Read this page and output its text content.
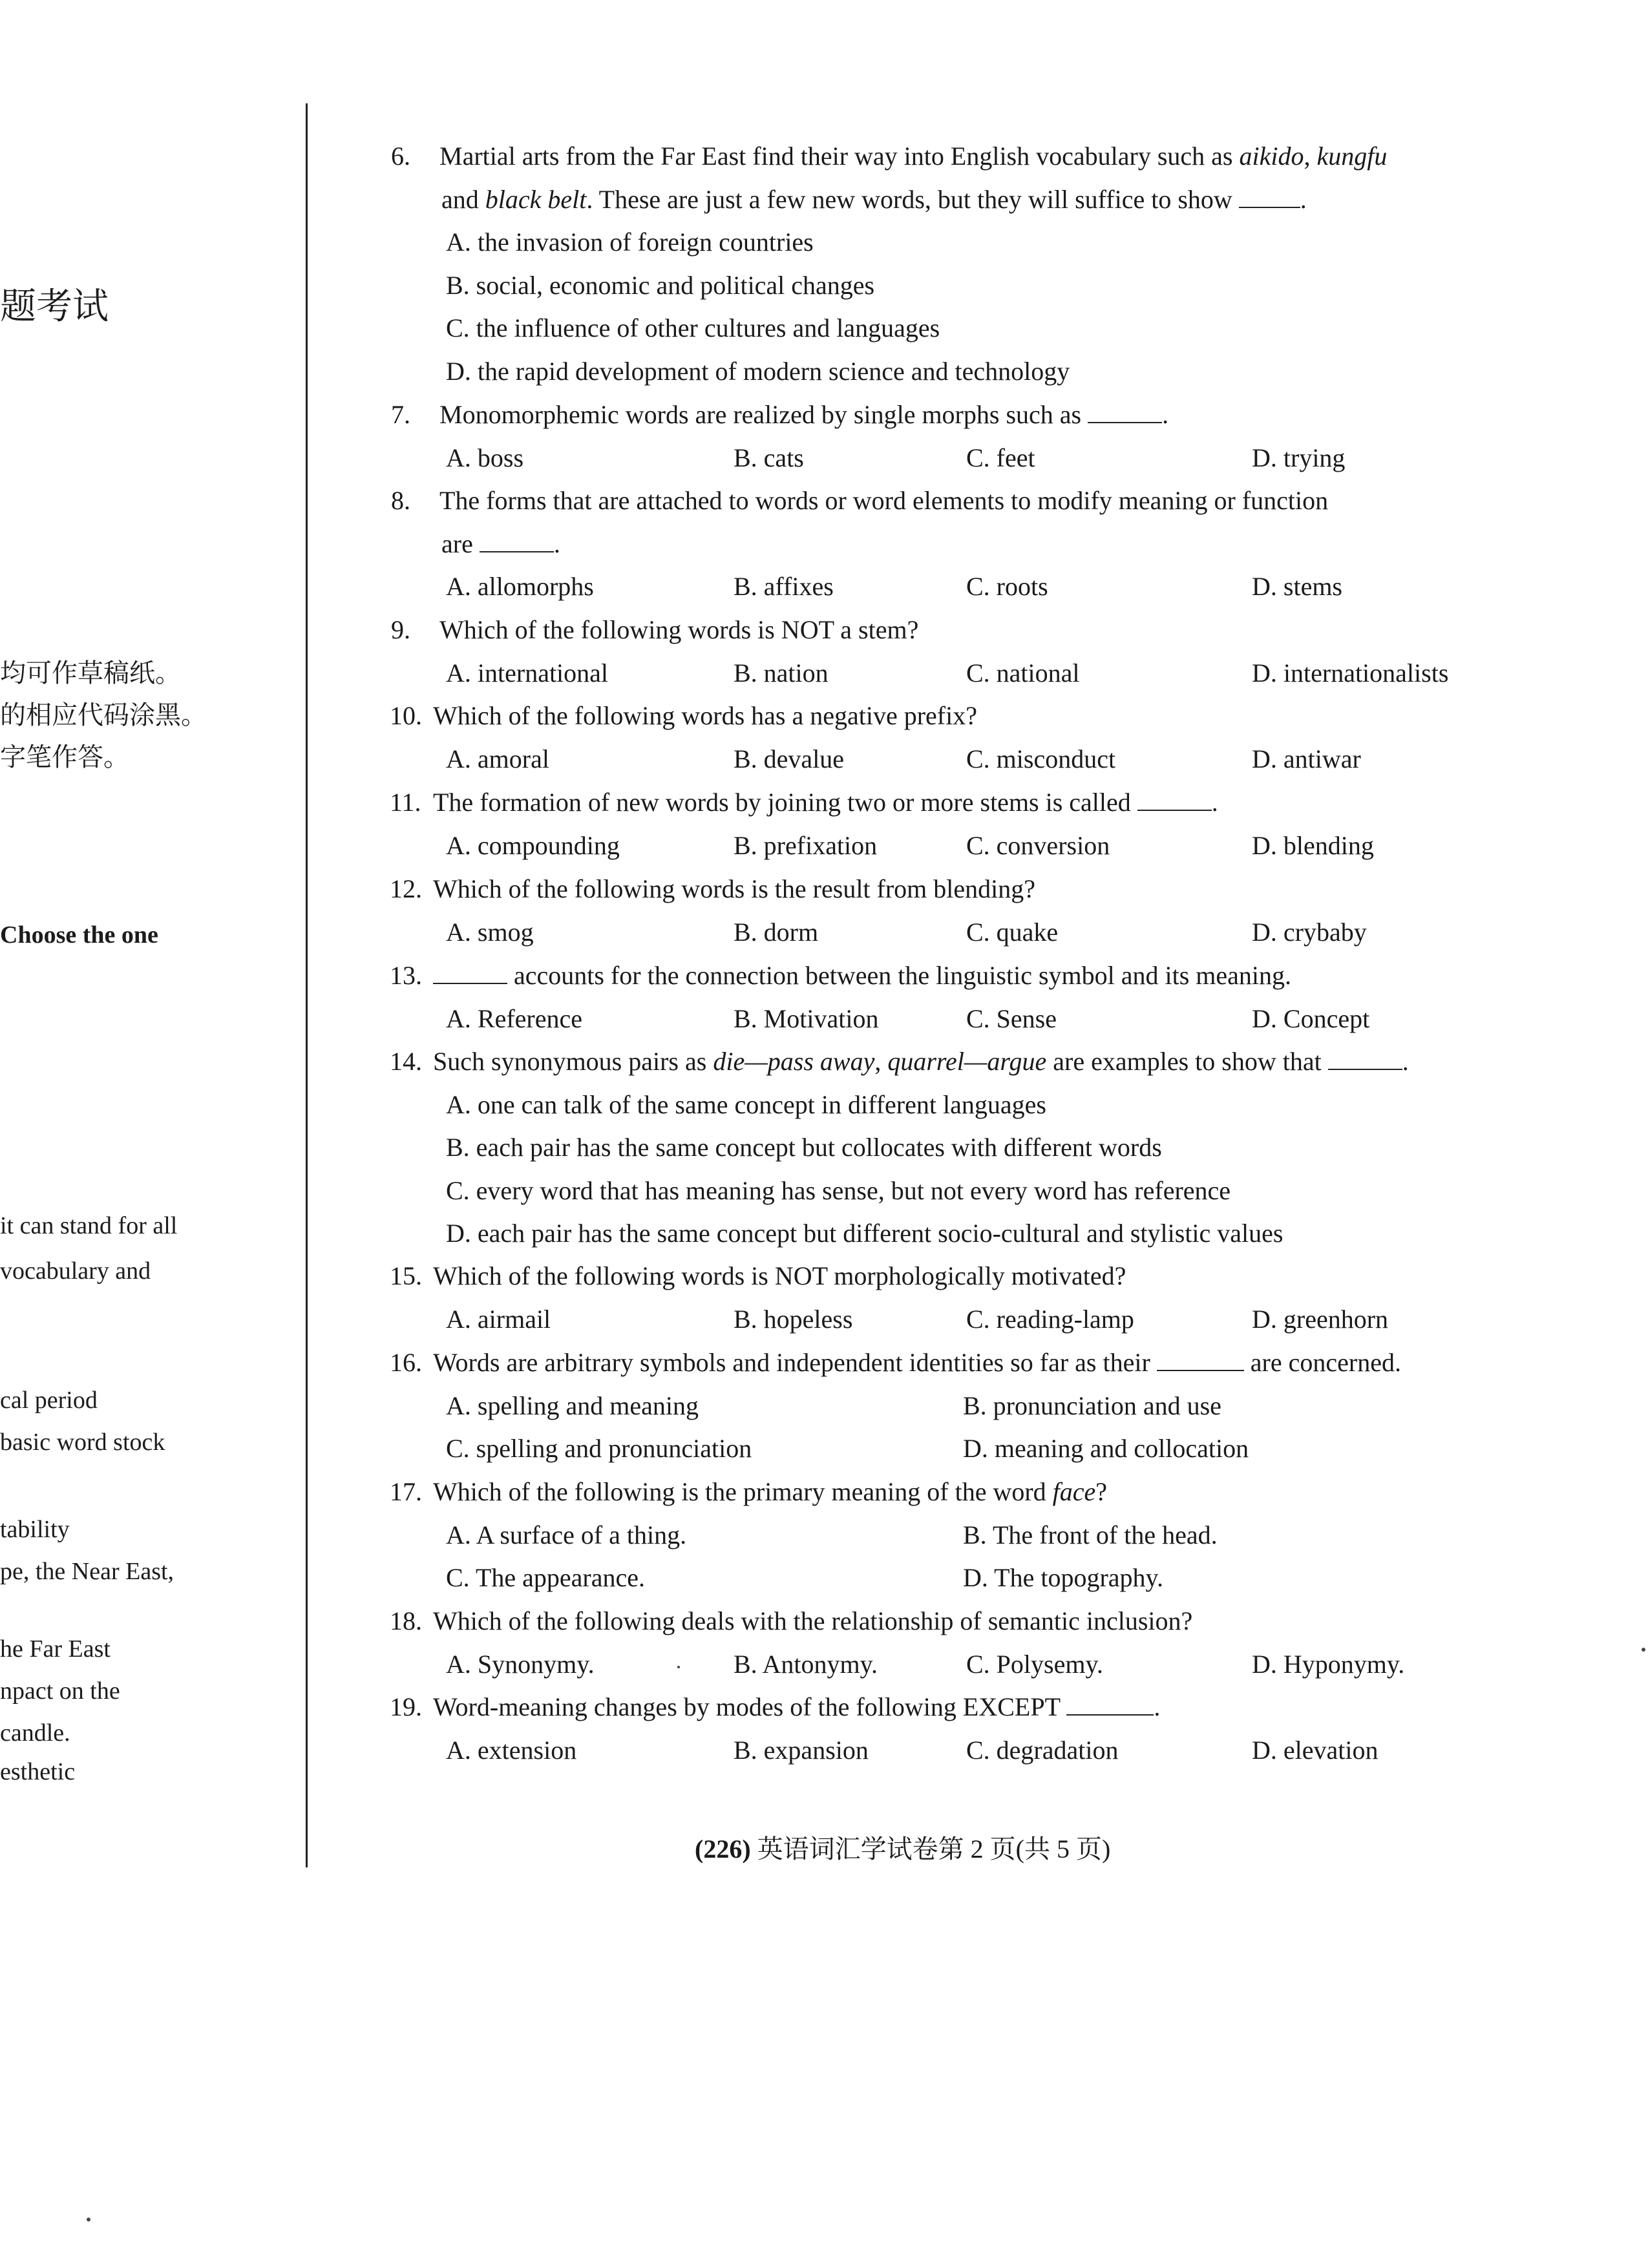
题考试
均可作草稿纸。
的相应代码涂黑。
字笔作答。
Choose the one
it can stand for all
vocabulary and
cal period
basic word stock
tability
pe, the Near East,
he Far East
npact on the
candle.
esthetic
6. Martial arts from the Far East find their way into English vocabulary such as aikido, kungfu
and black belt. These are just a few new words, but they will suffice to show .
A. the invasion of foreign countries
B. social, economic and political changes
C. the influence of other cultures and languages
D. the rapid development of modern science and technology
7. Monomorphemic words are realized by single morphs such as	.
A. boss	B. cats	C. feet	D. trying
8. The forms that are attached to words or word elements to modify meaning or function
are	.
A. allomorphs	B. affixes	C. roots	D. stems
9. Which of the following words is NOT a stem?
A. international	B. nation	C. national	D. internationalists
10. Which of the following words has a negative prefix?
A. amoral	B. devalue	C. misconduct	D. antiwar
11. The formation of new words by joining two or more stems is called	.
A. compounding	B. prefixation	C. conversion	D. blending
12. Which of the following words is the result from blending?
A. smog	B. dorm	C. quake	D. crybaby
13.	accounts for the connection between the linguistic symbol and its meaning.
A. Reference	B. Motivation	C. Sense	D. Concept
14. Such synonymous pairs as die—pass away, quarrel—argue are examples to show that	.
A. one can talk of the same concept in different languages
B. each pair has the same concept but collocates with different words
C. every word that has meaning has sense, but not every word has reference
D. each pair has the same concept but different socio-cultural and stylistic values
15. Which of the following words is NOT morphologically motivated?
A. airmail	B. hopeless	C. reading-lamp	D. greenhorn
16. Words are arbitrary symbols and independent identities so far as their	are concerned.
A. spelling and meaning	B. pronunciation and use
C. spelling and pronunciation	D. meaning and collocation
17. Which of the following is the primary meaning of the word face?
A. A surface of a thing.	B. The front of the head.
C. The appearance.	D. The topography.
18. Which of the following deals with the relationship of semantic inclusion?
A. Synonymy.	B. Antonymy.	C. Polysemy.	D. Hyponymy.
19. Word-meaning changes by modes of the following EXCEPT	.
A. extension	B. expansion	C. degradation	D. elevation
(226) 英语词汇学试卷第 2 页(共 5 页)
